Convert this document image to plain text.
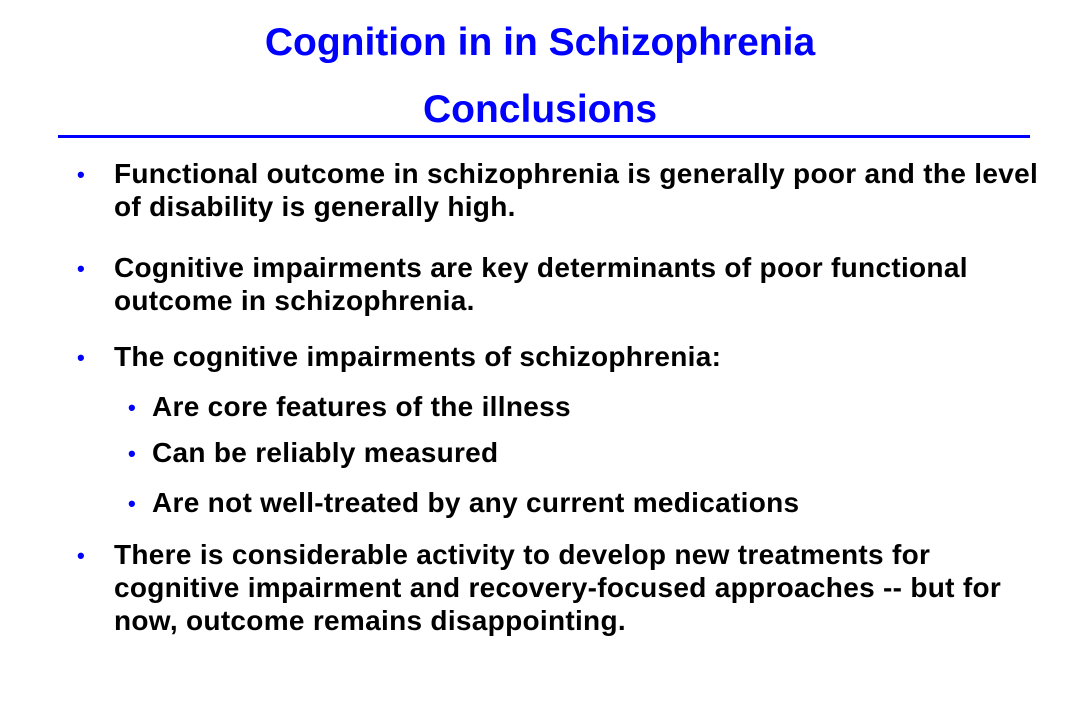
Cognition in in Schizophrenia
Conclusions
• Functional outcome in schizophrenia is generally poor and the level of disability is generally high.
• Cognitive impairments are key determinants of poor functional outcome in schizophrenia.
• The cognitive impairments of schizophrenia:
• Are core features of the illness
• Can be reliably measured
• Are not well-treated by any current medications
• There is considerable activity to develop new treatments for cognitive impairment and recovery-focused approaches -- but for now, outcome remains disappointing.
